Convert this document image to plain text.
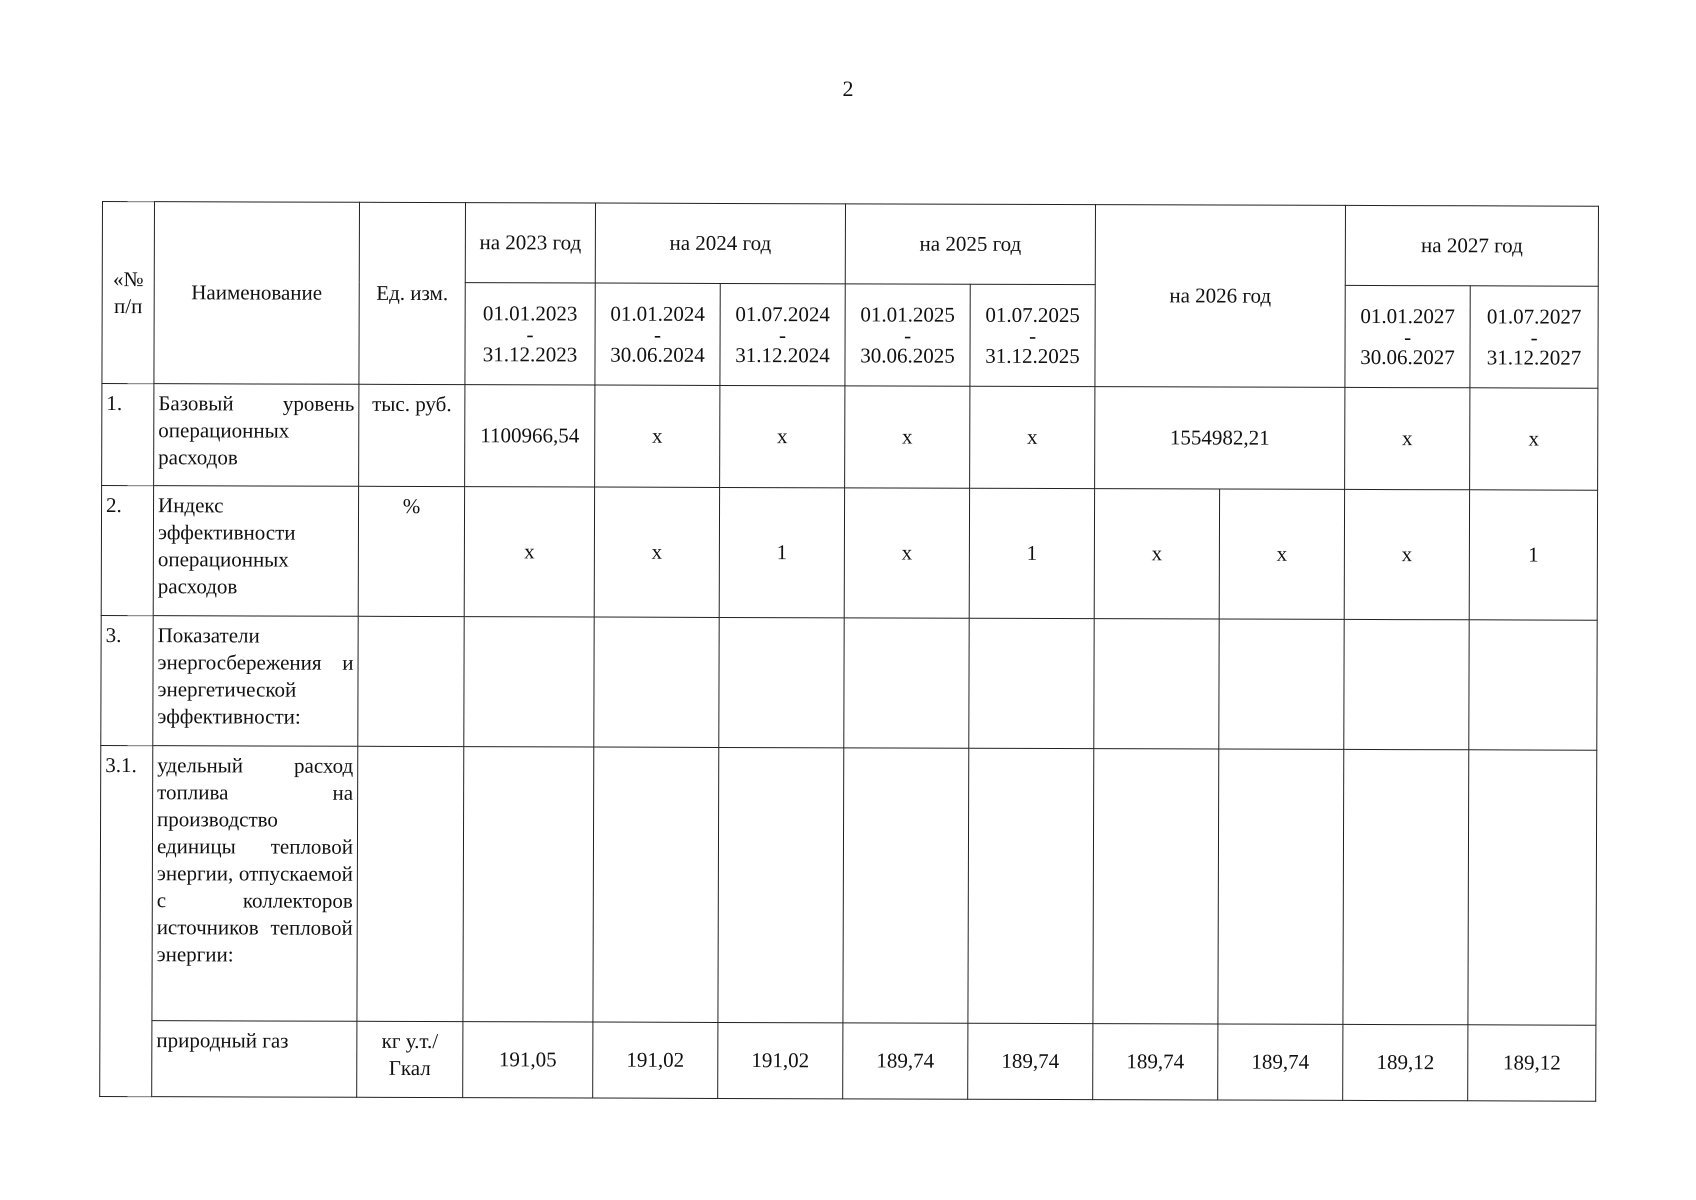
2
«№ п/п	Наименование	Ед. изм.	на 2023 год	на 2024 год		на 2025 год		на 2026 год		на 2027 год	
			01.01.2023
-
31.12.2023	01.01.2024
-
30.06.2024	01.07.2024
-
31.12.2024	01.01.2025
-
30.06.2025	01.07.2025
-
31.12.2025			01.01.2027
-
30.06.2027	01.07.2027
-
31.12.2027
1.	Базовый уровень операционных расходов	тыс. руб.	1100966,54	x	x	x	x	1554982,21		x	x
2.	Индекс эффективности операционных расходов	%	x	x	1	x	1	x	x	x	1
3.	Показатели энергосбережения и энергетической эффективности:										
3.1.	удельный расход топлива на производство единицы тепловой энергии, отпускаемой с коллекторов источников тепловой энергии:										
	природный газ	кг у.т./Гкал	191,05	191,02	191,02	189,74	189,74	189,74	189,74	189,12	189,12
